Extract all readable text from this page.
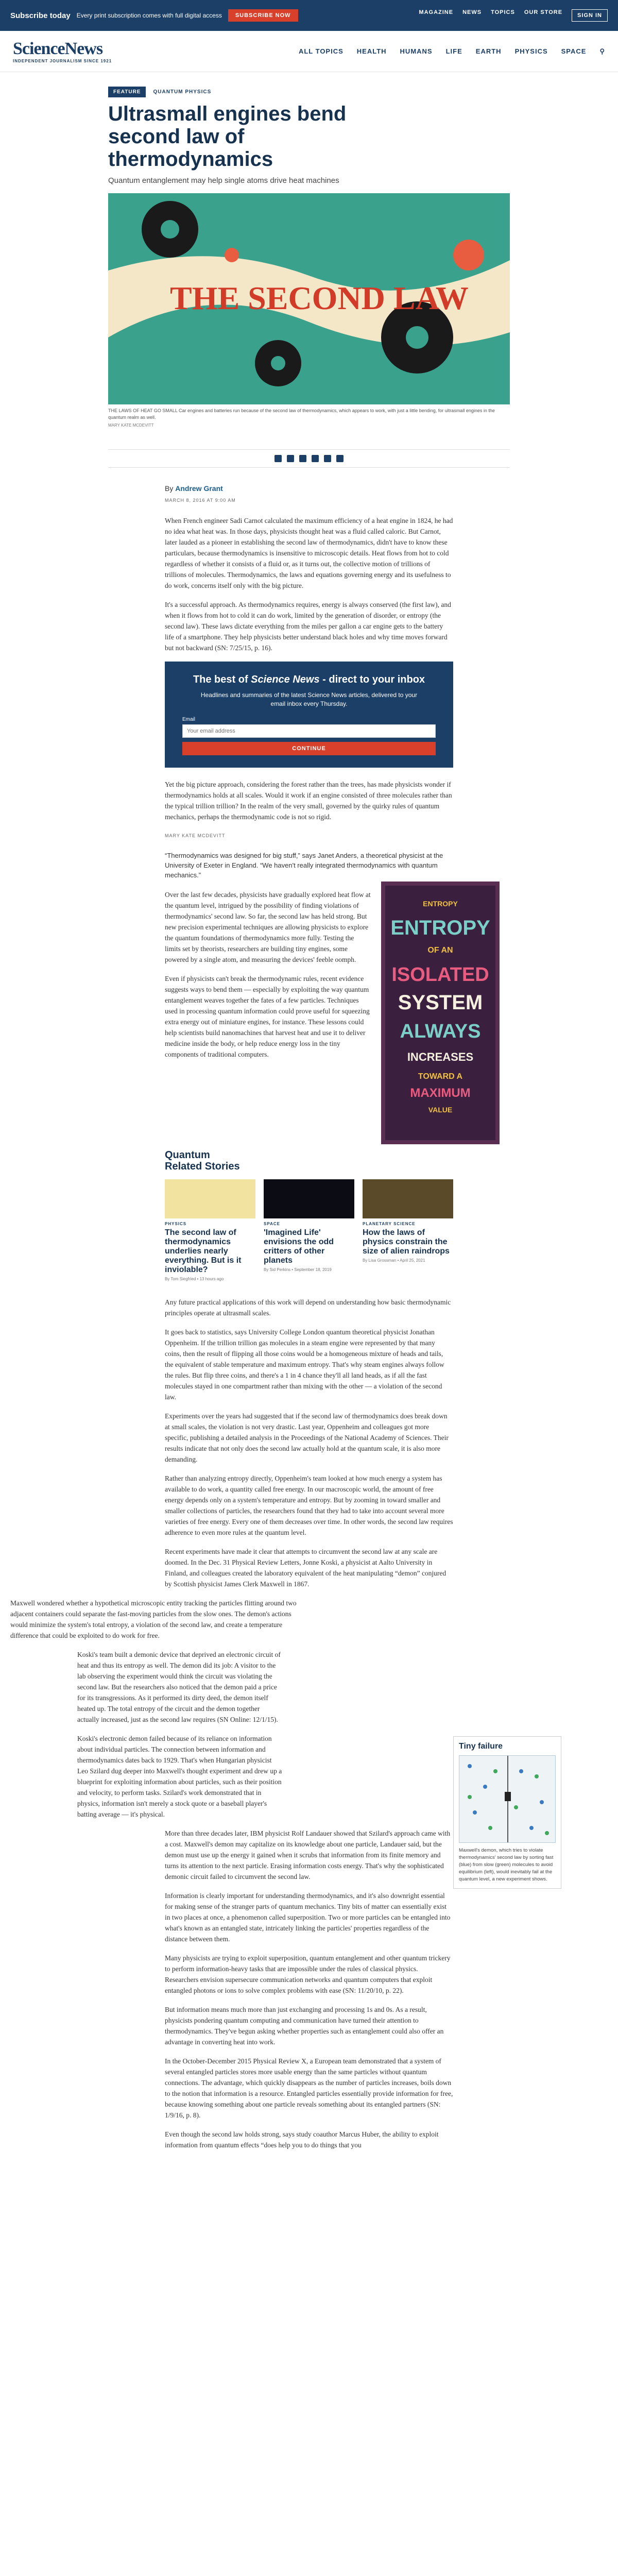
Subscribe today Every print subscription comes with full digital access	SUBSCRIBE NOW	MAGAZINE NEWS TOPICS OUR STORE	SIGN IN
ScienceNews
INDEPENDENT JOURNALISM SINCE 1921
ALL TOPICS HEALTH HUMANS LIFE EARTH PHYSICS SPACE ⚲
FEATURE	QUANTUM PHYSICS
Ultrasmall engines bend second law of thermodynamics

Quantum entanglement may help single atoms drive heat machines

THE SECOND LAW
THE LAWS OF HEAT GO SMALL Car engines and batteries run because of the second law of thermodynamics, which appears to work, with just a little bending, for ultrasmall engines in the quantum realm as well.
MARY KATE MCDEVITT
By Andrew Grant
MARCH 8, 2016 AT 9:00 AM

When French engineer Sadi Carnot calculated the maximum efficiency of a heat engine in 1824, he had no idea what heat was. In those days, physicists thought heat was a fluid called caloric. But Carnot, later lauded as a pioneer in establishing the second law of thermodynamics, didn't have to know these particulars, because thermodynamics is insensitive to microscopic details. Heat flows from hot to cold regardless of whether it consists of a fluid or, as it turns out, the collective motion of trillions of trillions of molecules. Thermodynamics, the laws and equations governing energy and its usefulness to do work, concerns itself only with the big picture.

It's a successful approach. As thermodynamics requires, energy is always conserved (the first law), and when it flows from hot to cold it can do work, limited by the generation of disorder, or entropy (the second law). These laws dictate everything from the miles per gallon a car engine gets to the battery life of a smartphone. They help physicists better understand black holes and why time moves forward but not backward (SN: 7/25/15, p. 16).

The best of Science News - direct to your inbox

Headlines and summaries of the latest Science News articles, delivered to your email inbox every Thursday.

Email
Your email address
CONTINUE

Yet the big picture approach, considering the forest rather than the trees, has made physicists wonder if thermodynamics holds at all scales. Would it work if an engine consisted of three molecules rather than the typical trillion trillion? In the realm of the very small, governed by the quirky rules of quantum mechanics, perhaps the thermodynamic code is not so rigid.

MARY KATE MCDEVITT

“Thermodynamics was designed for big stuff,” says Janet Anders, a theoretical physicist at the University of Exeter in England. “We haven't really integrated thermodynamics with quantum mechanics.”

Over the last few decades, physicists have gradually explored heat flow at the quantum level, intrigued by the possibility of finding violations of thermodynamics' second law. So far, the second law has held strong. But new precision experimental techniques are allowing physicists to explore the quantum foundations of thermodynamics more fully. Testing the limits set by theorists, researchers are building tiny engines, some powered by a single atom, and measuring the devices' feeble oomph.

Even if physicists can't break the thermodynamic rules, recent evidence suggests ways to bend them — especially by exploiting the way quantum entanglement weaves together the fates of a few particles. Techniques used in processing quantum information could prove useful for squeezing extra energy out of miniature engines, for instance. These lessons could help scientists build nanomachines that harvest heat and use it to deliver medicine inside the body, or help reduce energy loss in the tiny components of traditional computers.

ENTROPY
ENTROPY
OF AN
ISOLATED
SYSTEM
ALWAYS
INCREASES
TOWARD A
MAXIMUM
VALUE
Quantum
Related Stories
PHYSICS
The second law of thermodynamics underlies nearly everything. But is it inviolable?
By Tom Siegfried • 13 hours ago
SPACE
'Imagined Life' envisions the odd critters of other planets
By Sid Perkins • September 18, 2019
PLANETARY SCIENCE
How the laws of physics constrain the size of alien raindrops
By Lisa Grossman • April 25, 2021

Any future practical applications of this work will depend on understanding how basic thermodynamic principles operate at ultrasmall scales.

It goes back to statistics, says University College London quantum theoretical physicist Jonathan Oppenheim. If the trillion trillion gas molecules in a steam engine were represented by that many coins, then the result of flipping all those coins would be a homogeneous mixture of heads and tails, the equivalent of stable temperature and maximum entropy. That's why steam engines always follow the rules. But flip three coins, and there's a 1 in 4 chance they'll all land heads, as if all the fast molecules stayed in one compartment rather than mixing with the other — a violation of the second law.

Experiments over the years had suggested that if the second law of thermodynamics does break down at small scales, the violation is not very drastic. Last year, Oppenheim and colleagues got more specific, publishing a detailed analysis in the Proceedings of the National Academy of Sciences. Their results indicate that not only does the second law actually hold at the quantum scale, it is also more demanding.

Rather than analyzing entropy directly, Oppenheim's team looked at how much energy a system has available to do work, a quantity called free energy. In our macroscopic world, the amount of free energy depends only on a system's temperature and entropy. But by zooming in toward smaller and smaller collections of particles, the researchers found that they had to take into account several more varieties of free energy. Every one of them decreases over time. In other words, the second law requires adherence to even more rules at the quantum level.

Recent experiments have made it clear that attempts to circumvent the second law at any scale are doomed. In the Dec. 31 Physical Review Letters, Jonne Koski, a physicist at Aalto University in Finland, and colleagues created the laboratory equivalent of the heat manipulating “demon” conjured by Scottish physicist James Clerk Maxwell in 1867.

Maxwell wondered whether a hypothetical microscopic entity tracking the particles flitting around two adjacent containers could separate the fast-moving particles from the slow ones. The demon's actions would minimize the system's total entropy, a violation of the second law, and create a temperature difference that could be exploited to do work for free.

Tiny failure

Maxwell's demon, which tries to violate thermodynamics' second law by sorting fast (blue) from slow (green) molecules to avoid equilibrium (left), would inevitably fail at the quantum level, a new experiment shows.

Koski's team built a demonic device that deprived an electronic circuit of heat and thus its entropy as well. The demon did its job: A visitor to the lab observing the experiment would think the circuit was violating the second law. But the researchers also noticed that the demon paid a price for its transgressions. As it performed its dirty deed, the demon itself heated up. The total entropy of the circuit and the demon together actually increased, just as the second law requires (SN Online: 12/1/15).

Koski's electronic demon failed because of its reliance on information about individual particles. The connection between information and thermodynamics dates back to 1929. That's when Hungarian physicist Leo Szilard dug deeper into Maxwell's thought experiment and drew up a blueprint for exploiting information about particles, such as their position and velocity, to perform tasks. Szilard's work demonstrated that in physics, information isn't merely a stock quote or a baseball player's batting average — it's physical.

More than three decades later, IBM physicist Rolf Landauer showed that Szilard's approach came with a cost. Maxwell's demon may capitalize on its knowledge about one particle, Landauer said, but the demon must use up the energy it gained when it scrubs that information from its finite memory and turns its attention to the next particle. Erasing information costs energy. That's why the sophisticated demonic circuit failed to circumvent the second law.

Information is clearly important for understanding thermodynamics, and it's also downright essential for making sense of the stranger parts of quantum mechanics. Tiny bits of matter can essentially exist in two places at once, a phenomenon called superposition. Two or more particles can be entangled into what's known as an entangled state, intricately linking the particles' properties regardless of the distance between them.

Many physicists are trying to exploit superposition, quantum entanglement and other quantum trickery to perform information-heavy tasks that are impossible under the rules of classical physics. Researchers envision supersecure communication networks and quantum computers that exploit entangled photons or ions to solve complex problems with ease (SN: 11/20/10, p. 22).

But information means much more than just exchanging and processing 1s and 0s. As a result, physicists pondering quantum computing and communication have turned their attention to thermodynamics. They've begun asking whether properties such as entanglement could also offer an advantage in converting heat into work.

In the October-December 2015 Physical Review X, a European team demonstrated that a system of several entangled particles stores more usable energy than the same particles without quantum connections. The advantage, which quickly disappears as the number of particles increases, boils down to the notion that information is a resource. Entangled particles essentially provide information for free, because knowing something about one particle reveals something about its entangled partners (SN: 1/9/16, p. 8).

Even though the second law holds strong, says study coauthor Marcus Huber, the ability to exploit information from quantum effects “does help you to do things that you
